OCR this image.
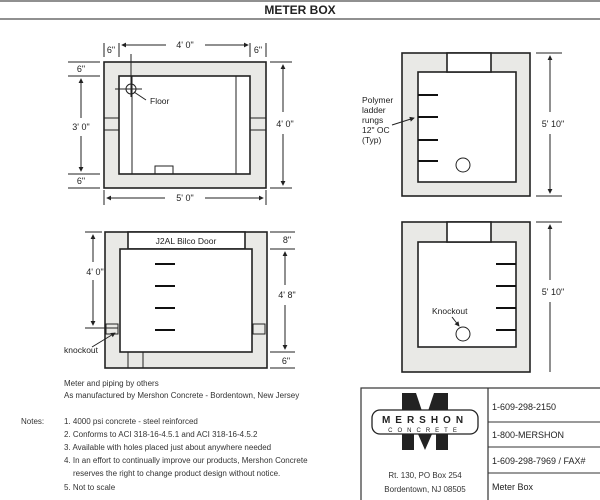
METER BOX
Floor
6"	6"
4' 0"
6"
6"
3' 0"	4' 0"
5' 0"
J2AL Bilco Door
4' 0"
knockout
8"
4' 8"
6"
Polymer
ladder
rungs
12" OC
(Typ)
5' 10"
Knockout
5' 10"
Meter and piping by others
As manufactured by Mershon Concrete - Bordentown, New Jersey
Notes: 1. 4000 psi concrete - steel reinforced
2. Conforms to ACI 318-16-4.5.1 and ACI 318-16-4.5.2
3. Available with holes placed just about anywhere needed
4. In an effort to continually improve our products, Mershon Concrete
reserves the right to change product design without notice.
5. Not to scale
MERSHON
CONCRETE
Rt. 130, PO Box 254
Bordentown, NJ 08505
1-609-298-2150
1-800-MERSHON
1-609-298-7969 / FAX#
Meter Box
